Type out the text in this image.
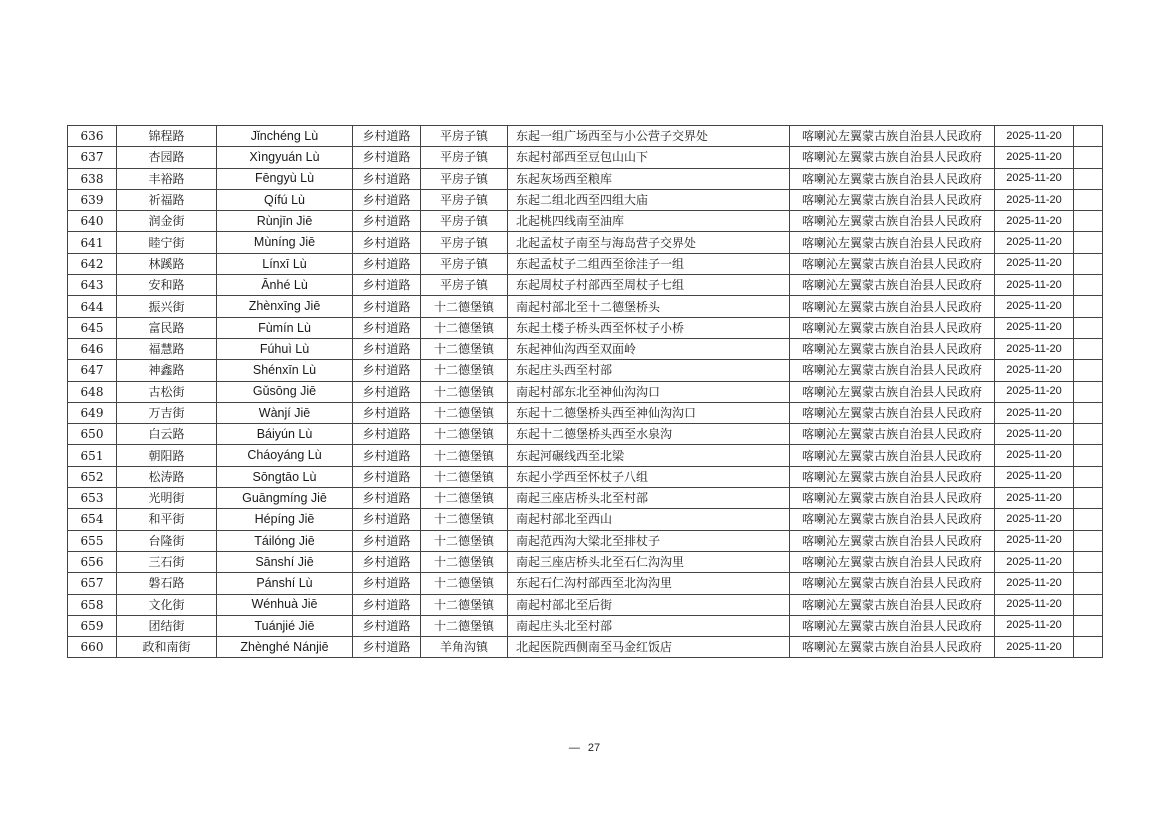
636	锦程路	Jǐnchéng Lù	乡村道路	平房子镇	东起一组广场西至与小公营子交界处	喀喇沁左翼蒙古族自治县人民政府	2025-11-20	
637	杏园路	Xìngyuán Lù	乡村道路	平房子镇	东起村部西至豆包山山下	喀喇沁左翼蒙古族自治县人民政府	2025-11-20	
638	丰裕路	Fēngyù Lù	乡村道路	平房子镇	东起灰场西至粮库	喀喇沁左翼蒙古族自治县人民政府	2025-11-20	
639	祈福路	Qífú Lù	乡村道路	平房子镇	东起二组北西至四组大庙	喀喇沁左翼蒙古族自治县人民政府	2025-11-20	
640	润金街	Rùnjīn Jiē	乡村道路	平房子镇	北起桃四线南至油库	喀喇沁左翼蒙古族自治县人民政府	2025-11-20	
641	睦宁街	Mùníng Jiē	乡村道路	平房子镇	北起孟杖子南至与海岛营子交界处	喀喇沁左翼蒙古族自治县人民政府	2025-11-20	
642	林蹊路	Línxī Lù	乡村道路	平房子镇	东起孟杖子二组西至徐洼子一组	喀喇沁左翼蒙古族自治县人民政府	2025-11-20	
643	安和路	Ānhé Lù	乡村道路	平房子镇	东起周杖子村部西至周杖子七组	喀喇沁左翼蒙古族自治县人民政府	2025-11-20	
644	振兴街	Zhènxīng Jiē	乡村道路	十二德堡镇	南起村部北至十二德堡桥头	喀喇沁左翼蒙古族自治县人民政府	2025-11-20	
645	富民路	Fùmín Lù	乡村道路	十二德堡镇	东起土楼子桥头西至怀杖子小桥	喀喇沁左翼蒙古族自治县人民政府	2025-11-20	
646	福慧路	Fúhuì Lù	乡村道路	十二德堡镇	东起神仙沟西至双面岭	喀喇沁左翼蒙古族自治县人民政府	2025-11-20	
647	神鑫路	Shénxīn Lù	乡村道路	十二德堡镇	东起庄头西至村部	喀喇沁左翼蒙古族自治县人民政府	2025-11-20	
648	古松街	Gǔsōng Jiē	乡村道路	十二德堡镇	南起村部东北至神仙沟沟口	喀喇沁左翼蒙古族自治县人民政府	2025-11-20	
649	万吉街	Wànjí Jiē	乡村道路	十二德堡镇	东起十二德堡桥头西至神仙沟沟口	喀喇沁左翼蒙古族自治县人民政府	2025-11-20	
650	白云路	Báiyún Lù	乡村道路	十二德堡镇	东起十二德堡桥头西至水泉沟	喀喇沁左翼蒙古族自治县人民政府	2025-11-20	
651	朝阳路	Cháoyáng Lù	乡村道路	十二德堡镇	东起河碾线西至北梁	喀喇沁左翼蒙古族自治县人民政府	2025-11-20	
652	松涛路	Sōngtāo Lù	乡村道路	十二德堡镇	东起小学西至怀杖子八组	喀喇沁左翼蒙古族自治县人民政府	2025-11-20	
653	光明街	Guāngmíng Jiē	乡村道路	十二德堡镇	南起三座店桥头北至村部	喀喇沁左翼蒙古族自治县人民政府	2025-11-20	
654	和平街	Hépíng Jiē	乡村道路	十二德堡镇	南起村部北至西山	喀喇沁左翼蒙古族自治县人民政府	2025-11-20	
655	台隆街	Táilóng Jiē	乡村道路	十二德堡镇	南起范西沟大梁北至排杖子	喀喇沁左翼蒙古族自治县人民政府	2025-11-20	
656	三石街	Sānshí Jiē	乡村道路	十二德堡镇	南起三座店桥头北至石仁沟沟里	喀喇沁左翼蒙古族自治县人民政府	2025-11-20	
657	磐石路	Pánshí Lù	乡村道路	十二德堡镇	东起石仁沟村部西至北沟沟里	喀喇沁左翼蒙古族自治县人民政府	2025-11-20	
658	文化街	Wénhuà Jiē	乡村道路	十二德堡镇	南起村部北至后街	喀喇沁左翼蒙古族自治县人民政府	2025-11-20	
659	团结街	Tuánjié Jiē	乡村道路	十二德堡镇	南起庄头北至村部	喀喇沁左翼蒙古族自治县人民政府	2025-11-20	
660	政和南街	Zhènghé Nánjiē	乡村道路	羊角沟镇	北起医院西侧南至马金红饭店	喀喇沁左翼蒙古族自治县人民政府	2025-11-20	
— 27
